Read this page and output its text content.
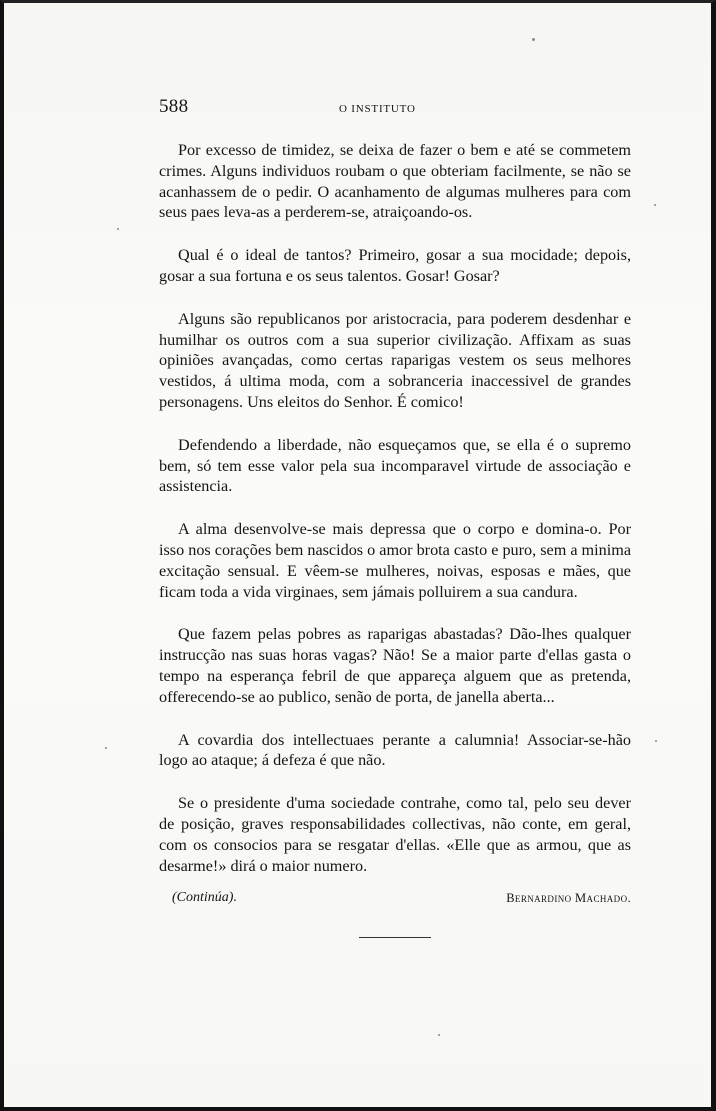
588	O INSTITUTO

Por excesso de timidez, se deixa de fazer o bem e até se commetem crimes. Alguns individuos roubam o que obteriam facilmente, se não se acanhassem de o pedir. O acanhamento de algumas mulheres para com seus paes leva-as a perderem-se, atraiçoando-os.

Qual é o ideal de tantos? Primeiro, gosar a sua mocidade; depois, gosar a sua fortuna e os seus talentos. Gosar! Gosar?

Alguns são republicanos por aristocracia, para poderem desdenhar e humilhar os outros com a sua superior civilização. Affixam as suas opiniões avançadas, como certas raparigas vestem os seus melhores vestidos, á ultima moda, com a sobranceria inaccessivel de grandes personagens. Uns eleitos do Senhor. É comico!

Defendendo a liberdade, não esqueçamos que, se ella é o supremo bem, só tem esse valor pela sua incomparavel virtude de associação e assistencia.

A alma desenvolve-se mais depressa que o corpo e domina-o. Por isso nos corações bem nascidos o amor brota casto e puro, sem a minima excitação sensual. E vêem-se mulheres, noivas, esposas e mães, que ficam toda a vida virginaes, sem jámais polluirem a sua candura.

Que fazem pelas pobres as raparigas abastadas? Dão-lhes qualquer instrucção nas suas horas vagas? Não! Se a maior parte d'ellas gasta o tempo na esperança febril de que appareça alguem que as pretenda, offerecendo-se ao publico, senão de porta, de janella aberta...

A covardia dos intellectuaes perante a calumnia! Associar-se-hão logo ao ataque; á defeza é que não.

Se o presidente d'uma sociedade contrahe, como tal, pelo seu dever de posição, graves responsabilidades collectivas, não conte, em geral, com os consocios para se resgatar d'ellas. «Elle que as armou, que as desarme!» dirá o maior numero.

(Continúa).	Bernardino Machado.
